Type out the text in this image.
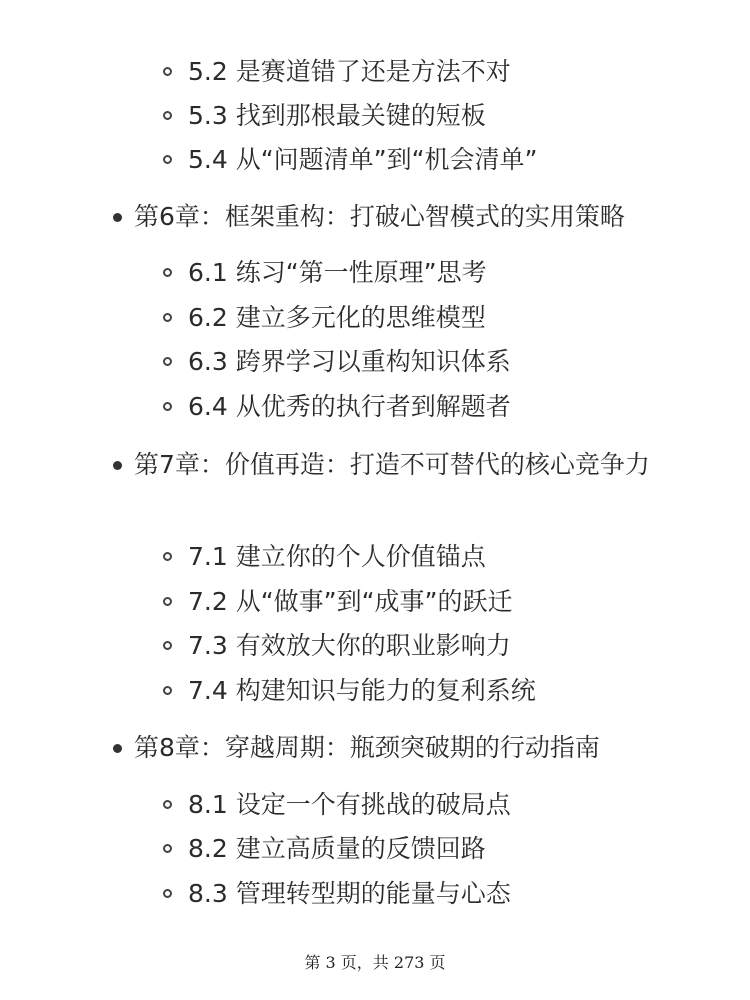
5.2 是赛道错了还是方法不对
5.3 找到那根最关键的短板
5.4 从“问题清单”到“机会清单”
第6章：框架重构：打破心智模式的实用策略
6.1 练习“第一性原理”思考
6.2 建立多元化的思维模型
6.3 跨界学习以重构知识体系
6.4 从优秀的执行者到解题者
第7章：价值再造：打造不可替代的核心竞争力
7.1 建立你的个人价值锚点
7.2 从“做事”到“成事”的跃迁
7.3 有效放大你的职业影响力
7.4 构建知识与能力的复利系统
第8章：穿越周期：瓶颈突破期的行动指南
8.1 设定一个有挑战的破局点
8.2 建立高质量的反馈回路
8.3 管理转型期的能量与心态
第 3 页，共 273 页
